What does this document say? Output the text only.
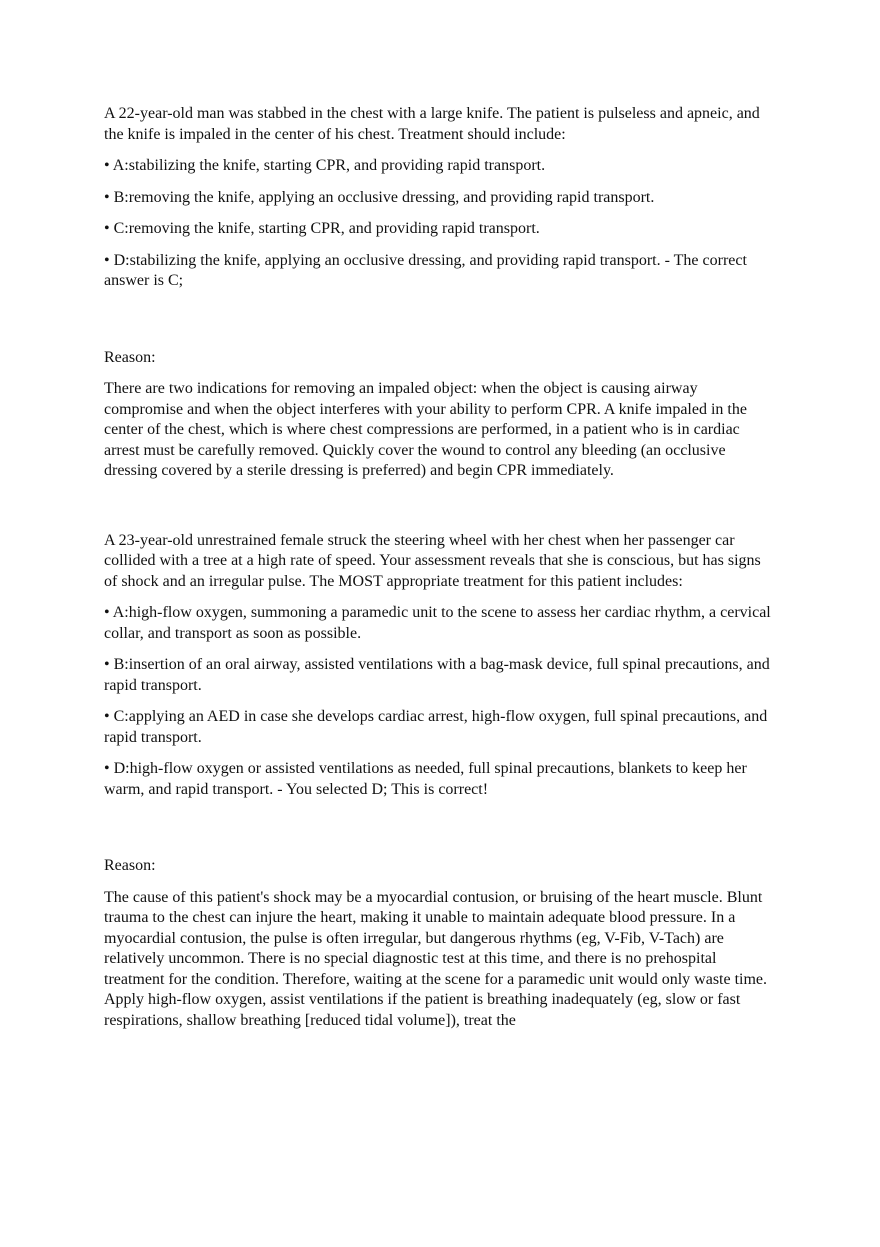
A 22-year-old man was stabbed in the chest with a large knife. The patient is pulseless and apneic, and the knife is impaled in the center of his chest. Treatment should include:

• A:stabilizing the knife, starting CPR, and providing rapid transport.

• B:removing the knife, applying an occlusive dressing, and providing rapid transport.

• C:removing the knife, starting CPR, and providing rapid transport.

• D:stabilizing the knife, applying an occlusive dressing, and providing rapid transport. - The correct answer is C;

Reason:

There are two indications for removing an impaled object: when the object is causing airway compromise and when the object interferes with your ability to perform CPR. A knife impaled in the center of the chest, which is where chest compressions are performed, in a patient who is in cardiac arrest must be carefully removed. Quickly cover the wound to control any bleeding (an occlusive dressing covered by a sterile dressing is preferred) and begin CPR immediately.

A 23-year-old unrestrained female struck the steering wheel with her chest when her passenger car collided with a tree at a high rate of speed. Your assessment reveals that she is conscious, but has signs of shock and an irregular pulse. The MOST appropriate treatment for this patient includes:

• A:high-flow oxygen, summoning a paramedic unit to the scene to assess her cardiac rhythm, a cervical collar, and transport as soon as possible.

• B:insertion of an oral airway, assisted ventilations with a bag-mask device, full spinal precautions, and rapid transport.

• C:applying an AED in case she develops cardiac arrest, high-flow oxygen, full spinal precautions, and rapid transport.

• D:high-flow oxygen or assisted ventilations as needed, full spinal precautions, blankets to keep her warm, and rapid transport. - You selected D; This is correct!

Reason:

The cause of this patient's shock may be a myocardial contusion, or bruising of the heart muscle. Blunt trauma to the chest can injure the heart, making it unable to maintain adequate blood pressure. In a myocardial contusion, the pulse is often irregular, but dangerous rhythms (eg, V-Fib, V-Tach) are relatively uncommon. There is no special diagnostic test at this time, and there is no prehospital treatment for the condition. Therefore, waiting at the scene for a paramedic unit would only waste time. Apply high-flow oxygen, assist ventilations if the patient is breathing inadequately (eg, slow or fast respirations, shallow breathing [reduced tidal volume]), treat the
